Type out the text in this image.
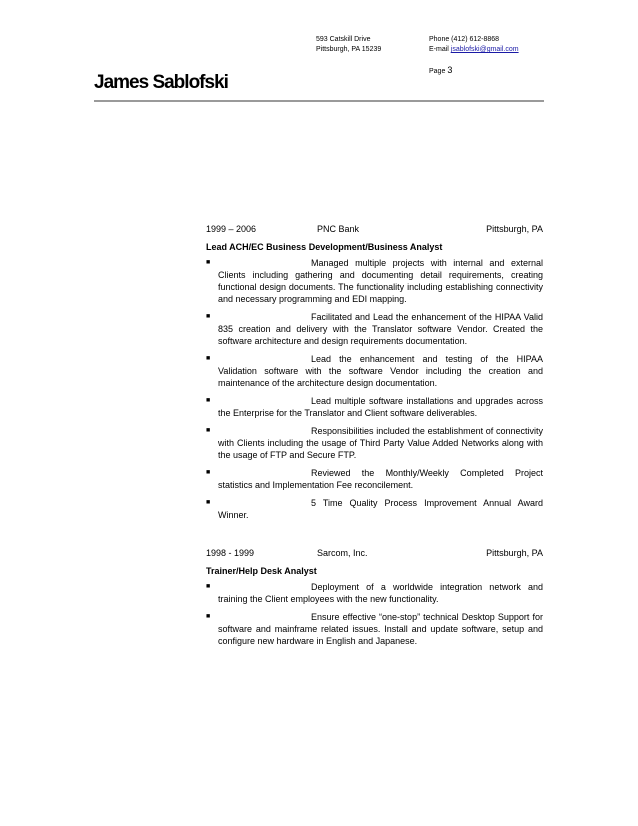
593 Catskill Drive
Pittsburgh, PA 15239
Phone (412) 612-8868
E-mail jsablofski@gmail.com
Page 3
James Sablofski
1999 – 2006	PNC Bank	Pittsburgh, PA
Lead ACH/EC Business Development/Business Analyst
■	Managed multiple projects with internal and external Clients including gathering and documenting detail requirements, creating functional design documents. The functionality including establishing connectivity and necessary programming and EDI mapping.
■	Facilitated and Lead the enhancement of the HIPAA Valid 835 creation and delivery with the Translator software Vendor. Created the software architecture and design requirements documentation.
■	Lead the enhancement and testing of the HIPAA Validation software with the software Vendor including the creation and maintenance of the architecture design documentation.
■	Lead multiple software installations and upgrades across the Enterprise for the Translator and Client software deliverables.
■	Responsibilities included the establishment of connectivity with Clients including the usage of Third Party Value Added Networks along with the usage of FTP and Secure FTP.
■	Reviewed the Monthly/Weekly Completed Project statistics and Implementation Fee reconcilement.
■	5 Time Quality Process Improvement Annual Award Winner.
1998 - 1999	Sarcom, Inc.	Pittsburgh, PA
Trainer/Help Desk Analyst
■	Deployment of a worldwide integration network and training the Client employees with the new functionality.
■	Ensure effective “one-stop” technical Desktop Support for software and mainframe related issues. Install and update software, setup and configure new hardware in English and Japanese.
